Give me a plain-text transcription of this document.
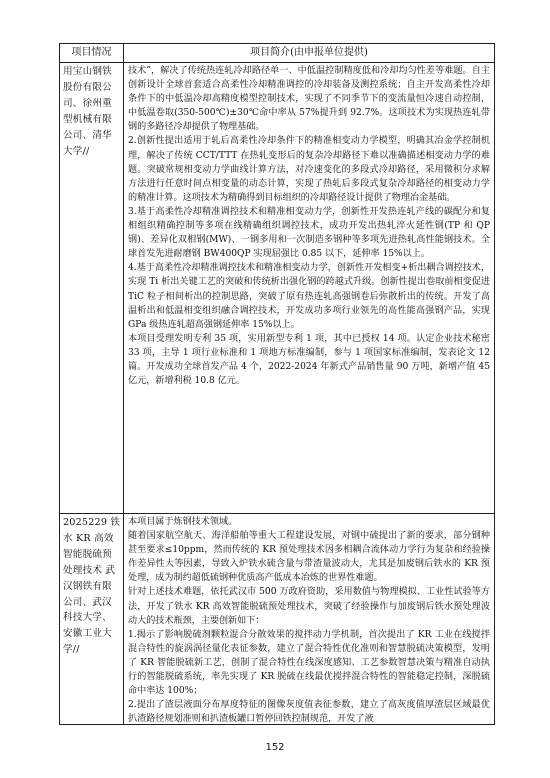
项目情况	项目简介(由申报单位提供)
用宝山钢铁股份有限公司、徐州重型机械有限公司、清华大学//

技术”，解决了传统热连轧冷却路径单一、中低温控制精度低和冷却均匀性差等难题。自主创新设计全球首套适合高柔性冷却精准调控的冷却装备及测控系统；自主开发高柔性冷却条件下的中低温冷却高精度模型控制技术，实现了不同季节下的变流量恒冷速自动控制，中低温卷取(350-500℃)±30℃命中率从 57%提升到 92.7%。这项技术为实现热连轧带钢的多路径冷却提供了物理基础。

2.创新性提出适用于轧后高柔性冷却条件下的精准相变动力学模型，明确其冶金学控制机理，解决了传统 CCT/TTT 在热轧变形后的复杂冷却路径下难以准确描述相变动力学的难题。突破常规相变动力学曲线计算方法，对冷速变化的多段式冷却路径，采用微积分求解方法进行任意时间点相变量的动态计算，实现了热轧后多段式复杂冷却路径的相变动力学的精准计算。这项技术为精确得到目标组织的冷却路径设计提供了物理冶金基础。

3.基于高柔性冷却精准调控技术和精准相变动力学，创新性开发热连轧产线的碳配分和复相组织精确控制等多项在线精确组织调控技术，成功开发出热轧淬火延性钢(TP 和 QP 钢)、差异化双相钢(MW)、一钢多用和一次制造多钢种等多项先进热轧高性能钢技术。全球首发先进耐磨钢 BW400QP 实现屈强比 0.85 以下，延伸率 15%以上。

4.基于高柔性冷却精准调控技术和精准相变动力学，创新性开发相变+析出耦合调控技术，实现 Ti 析出关键工艺的突破和传统析出强化钢的跨越式升级。创新性提出卷取前相变促进 TiC 粒子相间析出的控制思路，突破了原有热连轧高强钢卷后弥散析出的传统。开发了高温析出和低温相变组织融合调控技术，开发成功多项行业领先的高性能高强钢产品，实现 GPa 级热连轧超高强钢延伸率 15%以上。

本项目受理发明专利 35 项，实用新型专利 1 项，其中已授权 14 项。认定企业技术秘密 33 项，主导 1 项行业标准和 1 项地方标准编制，参与 1 项国家标准编制，发表论文 12 篇。开发成功全球首发产品 4 个，2022-2024 年新式产品销售量 90 万吨，新增产值 45 亿元，新增利税 10.8 亿元。

2025229 铁水 KR 高效智能脱硫预处理技术 武汉钢铁有限公司、武汉科技大学、安徽工业大学//

本项目属于炼钢技术领域。

随着国家航空航天、海洋船舶等重大工程建设发展，对钢中硫提出了新的要求，部分钢种甚至要求≤10ppm，然而传统的 KR 预处理技术因多相耦合流体动力学行为复杂和经验操作差异性大等因素，导致入炉铁水硫含量与带渣量波动大，尤其是加废钢后铁水的 KR 预处理，成为制约超低硫钢种优质高产低成本冶炼的世界性难题。

针对上述技术难题，依托武汉市 500 万政府资助，采用数值与物理模拟、工业性试验等方法，开发了铁水 KR 高效智能脱硫预处理技术，突破了经验操作与加废钢后铁水预处理波动大的技术瓶颈，主要创新如下：

1.揭示了影响脱硫剂颗粒混合分散效果的搅拌动力学机制，首次提出了 KR 工业在线搅拌混合特性的旋涡涡径量化表征参数，建立了混合特性优化准则和智慧脱硫决策模型，发明了 KR 智能脱硫新工艺，创制了混合特性在线深度感知、工艺参数智慧决策与精准自动执行的智能脱硫系统，率先实现了 KR 脱硫在线最优搅拌混合特性的智能稳定控制，深脱硫命中率达 100%；

2.提出了渣层液面分布厚度特征的图像灰度值表征参数，建立了高灰度值厚渣层区域最优扒渣路径规划准则和扒渣板罐口暂停回铁控制规范，开发了液

152
